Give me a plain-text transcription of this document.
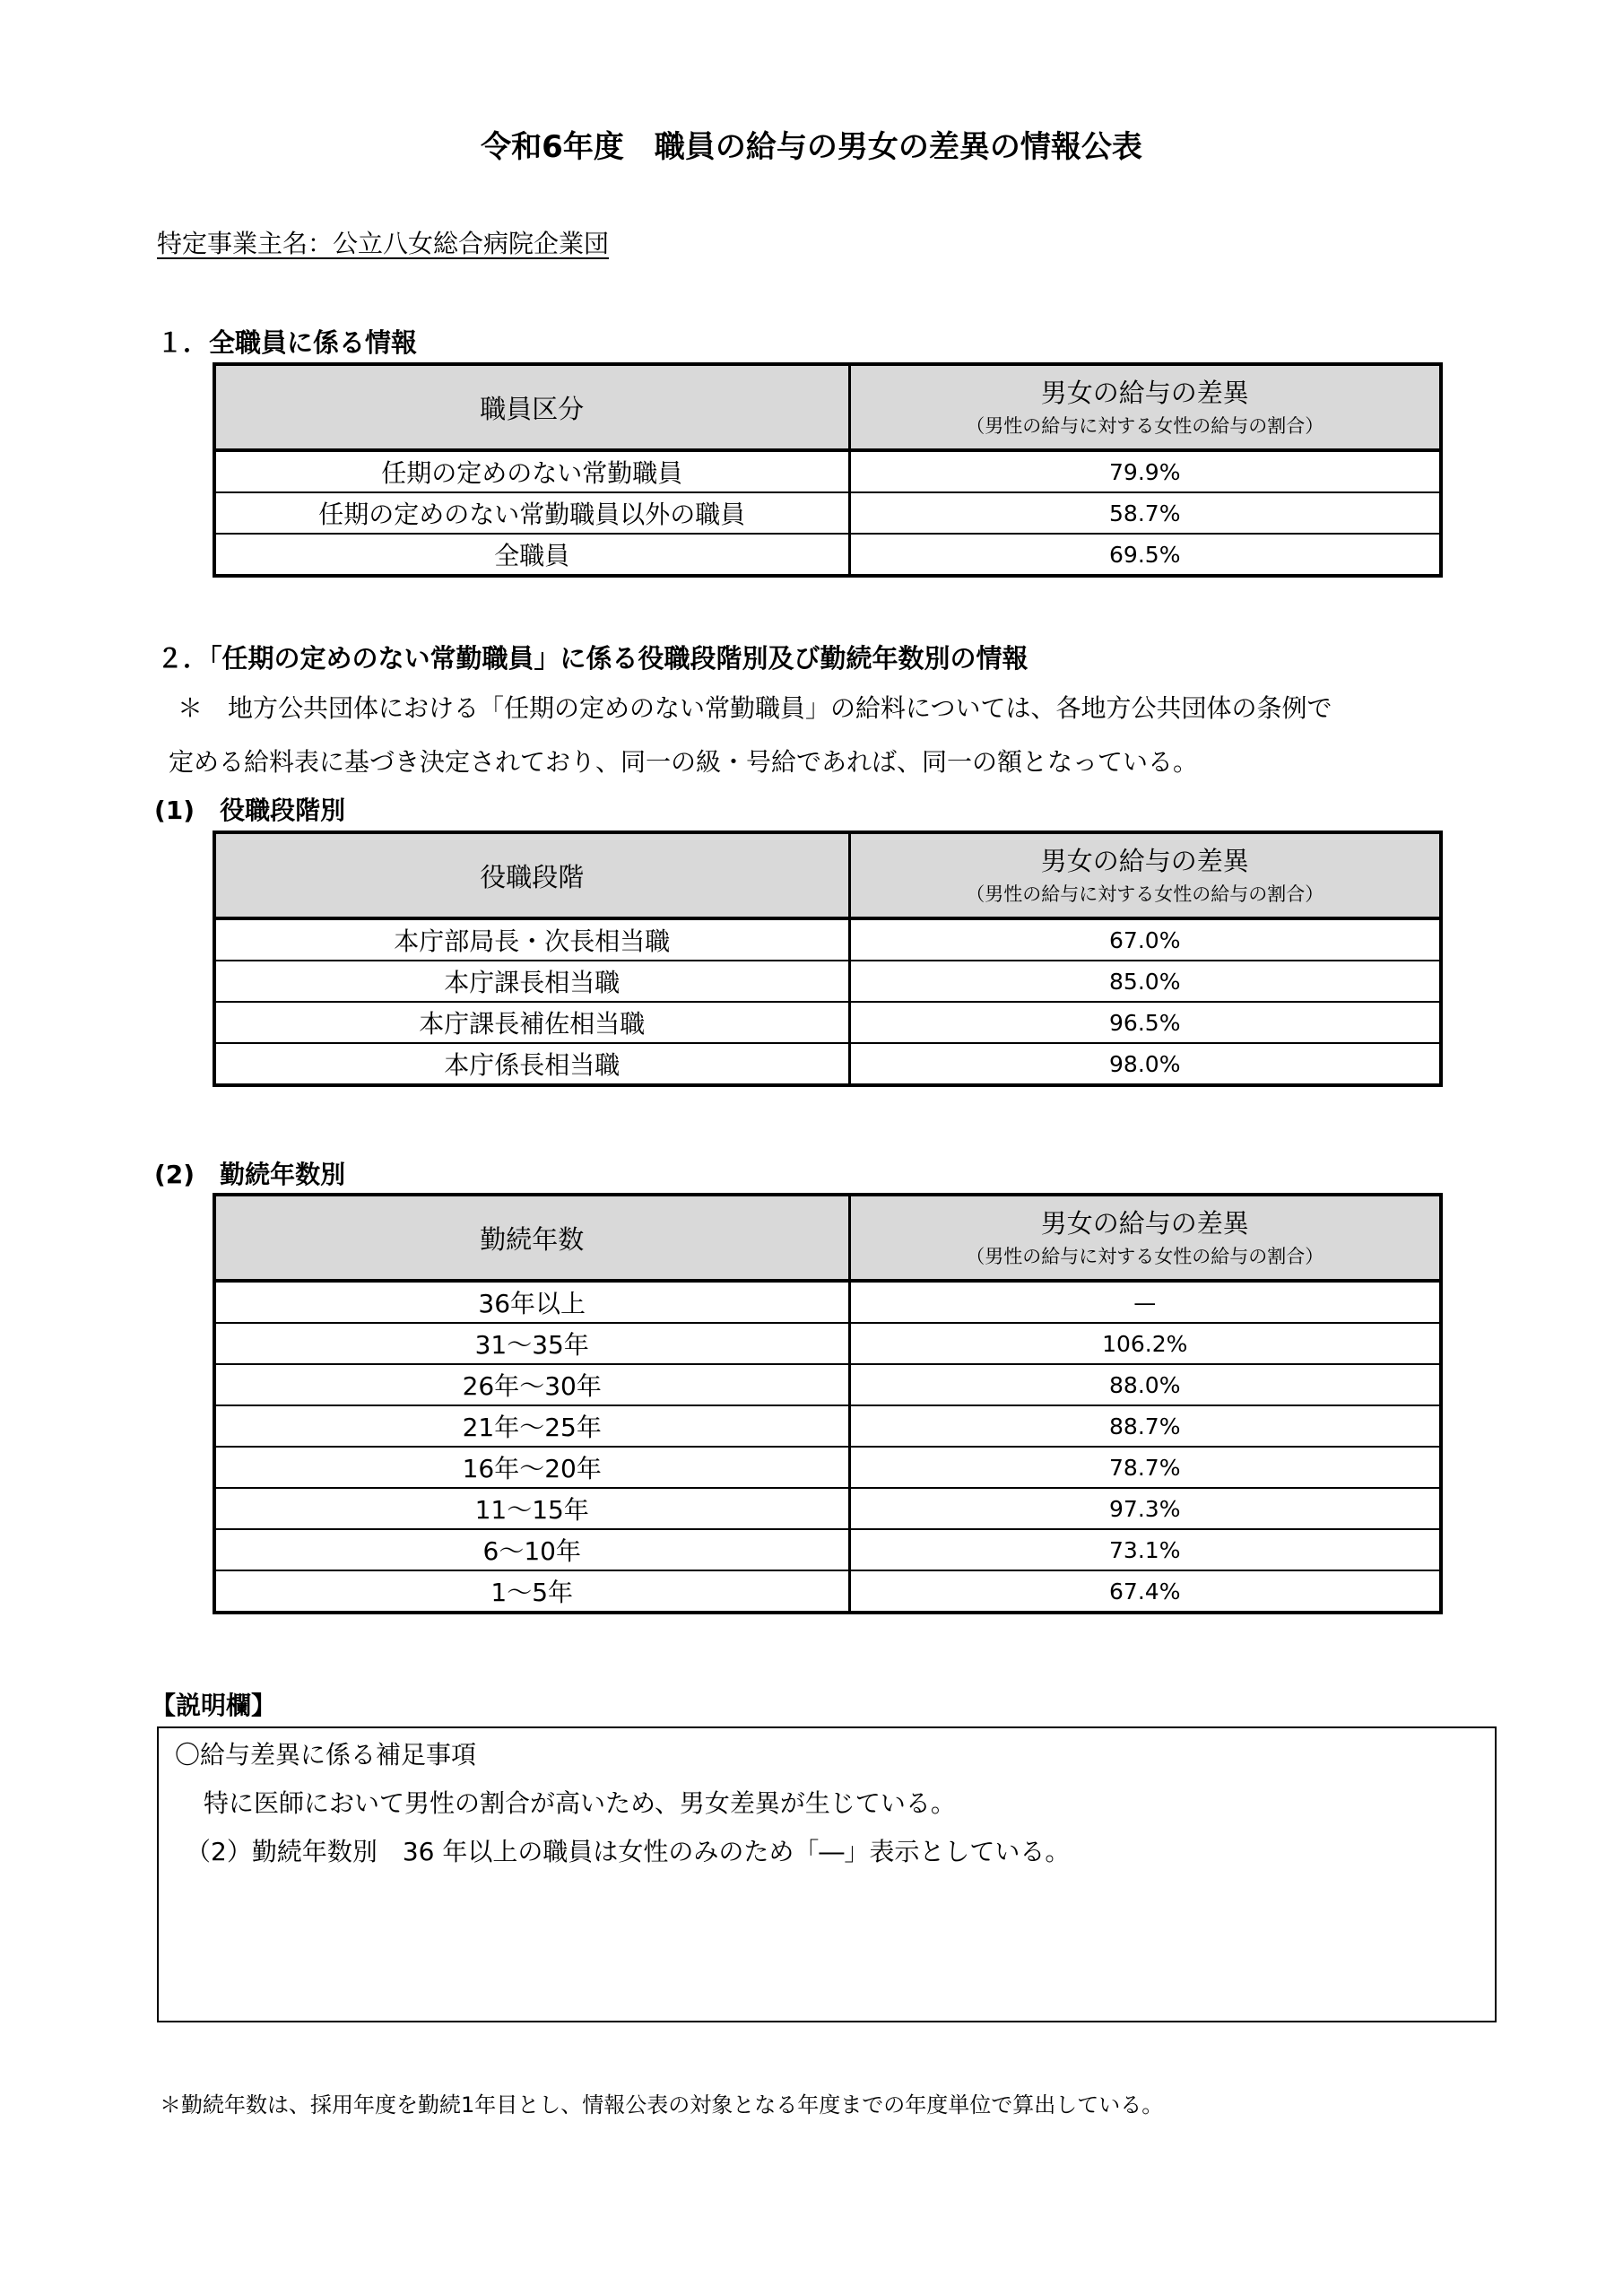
令和6年度　職員の給与の男女の差異の情報公表
特定事業主名：公立八女総合病院企業団
１．全職員に係る情報
職員区分	男女の給与の差異
（男性の給与に対する女性の給与の割合）

任期の定めのない常勤職員	79.9%
任期の定めのない常勤職員以外の職員	58.7%
全職員	69.5%
２．「任期の定めのない常勤職員」に係る役職段階別及び勤続年数別の情報
＊　地方公共団体における「任期の定めのない常勤職員」の給料については、各地方公共団体の条例で
定める給料表に基づき決定されており、同一の級・号給であれば、同一の額となっている。
(1)　役職段階別
役職段階	男女の給与の差異
（男性の給与に対する女性の給与の割合）

本庁部局長・次長相当職	67.0%
本庁課長相当職	85.0%
本庁課長補佐相当職	96.5%
本庁係長相当職	98.0%
(2)　勤続年数別
勤続年数	男女の給与の差異
（男性の給与に対する女性の給与の割合）

36年以上	—
31～35年	106.2%
26年～30年	88.0%
21年～25年	88.7%
16年～20年	78.7%
11～15年	97.3%
6～10年	73.1%
1～5年	67.4%
【説明欄】

〇給与差異に係る補足事項

特に医師において男性の割合が高いため、男女差異が生じている。

（2）勤続年数別　36 年以上の職員は女性のみのため「―」表示としている。

＊勤続年数は、採用年度を勤続1年目とし、情報公表の対象となる年度までの年度単位で算出している。
